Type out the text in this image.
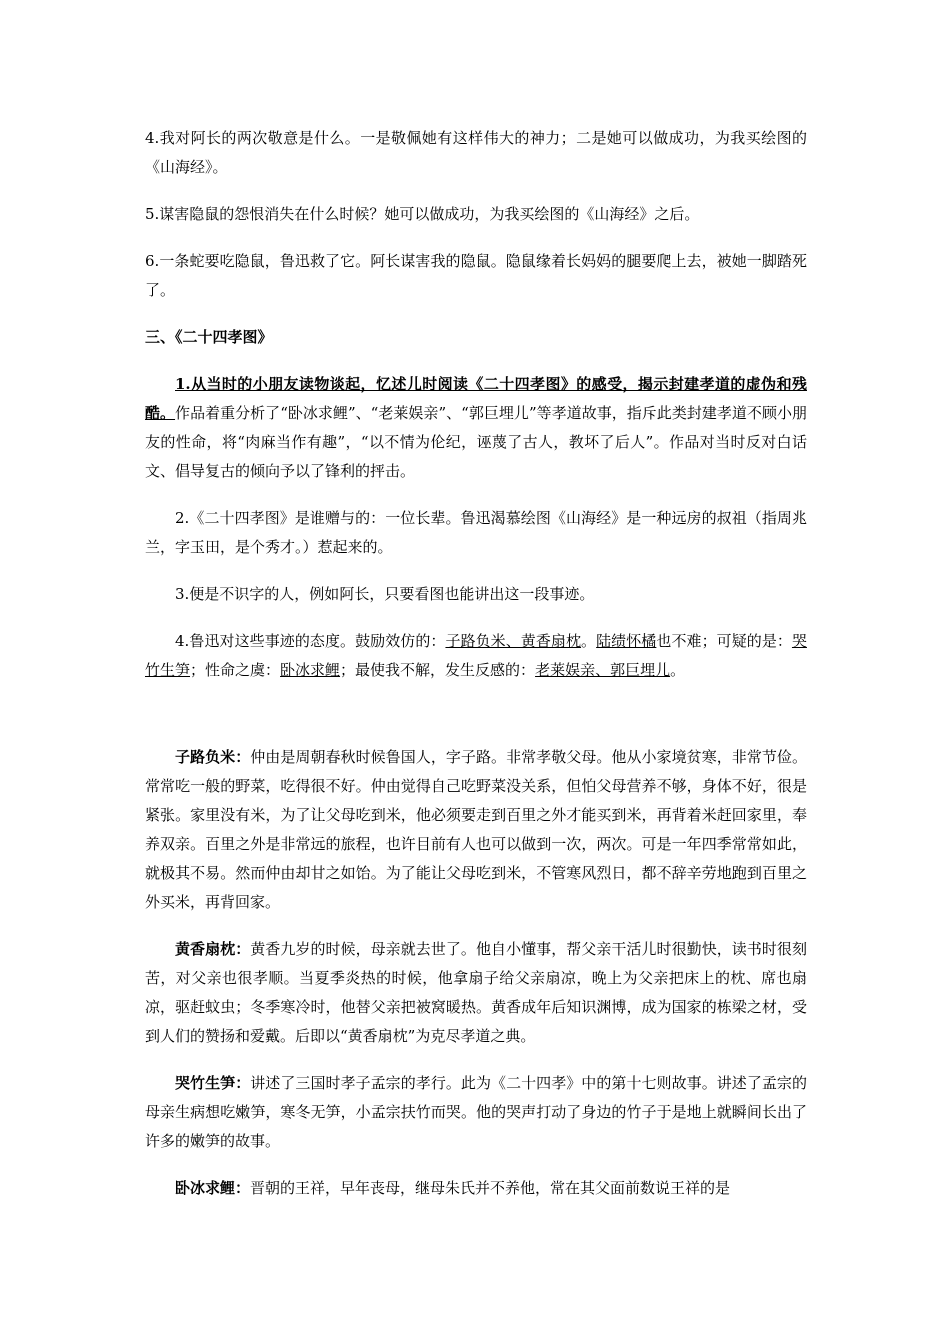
4.我对阿长的两次敬意是什么。一是敬佩她有这样伟大的神力；二是她可以做成功，为我买绘图的《山海经》。

5.谋害隐鼠的怨恨消失在什么时候？她可以做成功，为我买绘图的《山海经》之后。

6.一条蛇要吃隐鼠，鲁迅救了它。阿长谋害我的隐鼠。隐鼠缘着长妈妈的腿要爬上去，被她一脚踏死了。

三、《二十四孝图》

1.从当时的小朋友读物谈起，忆述儿时阅读《二十四孝图》的感受，揭示封建孝道的虚伪和残酷。作品着重分析了“卧冰求鲤”、“老莱娱亲”、“郭巨埋儿”等孝道故事，指斥此类封建孝道不顾小朋友的性命，将“肉麻当作有趣”，“以不情为伦纪，诬蔑了古人，教坏了后人”。作品对当时反对白话文、倡导复古的倾向予以了锋利的抨击。

2.《二十四孝图》是谁赠与的：一位长辈。鲁迅渴慕绘图《山海经》是一种远房的叔祖（指周兆兰，字玉田，是个秀才。）惹起来的。

3.便是不识字的人，例如阿长，只要看图也能讲出这一段事迹。

4.鲁迅对这些事迹的态度。鼓励效仿的：子路负米、黄香扇枕。陆绩怀橘也不难；可疑的是：哭竹生笋；性命之虞：卧冰求鲤；最使我不解，发生反感的：老莱娱亲、郭巨埋儿。

子路负米：仲由是周朝春秋时候鲁国人，字子路。非常孝敬父母。他从小家境贫寒，非常节俭。常常吃一般的野菜，吃得很不好。仲由觉得自己吃野菜没关系，但怕父母营养不够，身体不好，很是紧张。家里没有米，为了让父母吃到米，他必须要走到百里之外才能买到米，再背着米赶回家里，奉养双亲。百里之外是非常远的旅程，也许目前有人也可以做到一次，两次。可是一年四季常常如此，就极其不易。然而仲由却甘之如饴。为了能让父母吃到米，不管寒风烈日，都不辞辛劳地跑到百里之外买米，再背回家。

黄香扇枕：黄香九岁的时候，母亲就去世了。他自小懂事，帮父亲干活儿时很勤快，读书时很刻苦，对父亲也很孝顺。当夏季炎热的时候，他拿扇子给父亲扇凉，晚上为父亲把床上的枕、席也扇凉，驱赶蚊虫；冬季寒冷时，他替父亲把被窝暖热。黄香成年后知识渊博，成为国家的栋梁之材，受到人们的赞扬和爱戴。后即以“黄香扇枕”为克尽孝道之典。

哭竹生笋：讲述了三国时孝子孟宗的孝行。此为《二十四孝》中的第十七则故事。讲述了孟宗的母亲生病想吃嫩笋，寒冬无笋，小孟宗扶竹而哭。他的哭声打动了身边的竹子于是地上就瞬间长出了许多的嫩笋的故事。

卧冰求鲤：晋朝的王祥，早年丧母，继母朱氏并不养他，常在其父面前数说王祥的是
